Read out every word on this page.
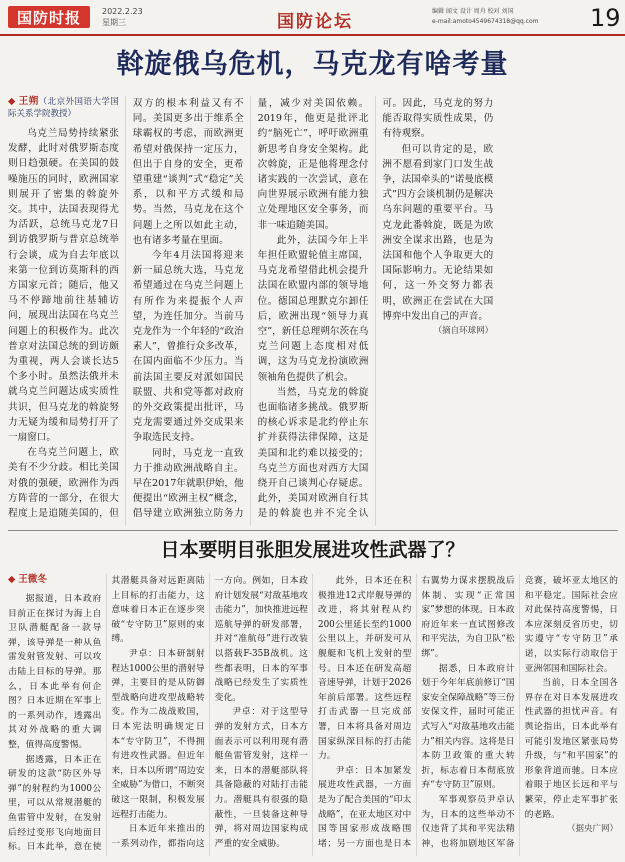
国防时报	2022.2.23
星期三	国防论坛
编辑 闻文 设计 周舟 校对 刘国
e-mail:amoto4549674318@qq.com 19
斡旋俄乌危机，马克龙有啥考量
◆ 王朔（北京外国语大学国际关系学院教授）

乌克兰局势持续紧张发酵，此时对俄罗斯态度则日趋强硬。在美国的鼓噪施压的同时，欧洲国家则展开了密集的斡旋外交。其中，法国表现得尤为活跃，总统马克龙7日到访俄罗斯与普京总统举行会谈，成为自去年底以来第一位到访莫斯科的西方国家元首；随后，他又马不停蹄地前往基辅访问，展现出法国在乌克兰问题上的积极作为。此次普京对法国总统的到访颇为重视，两人会谈长达5个多小时。虽然法俄并未就乌克兰问题达成实质性共识，但马克龙的斡旋努力无疑为缓和局势打开了一扇窗口。

在乌克兰问题上，欧美有不少分歧。相比美国对俄的强硬，欧洲作为西方阵营的一部分，在很大程度上是追随美国的，但双方的根本利益又有不同。美国更多出于维系全球霸权的考虑，而欧洲更希望对俄保持一定压力，但出于自身的安全，更希望重建“谈判”式“稳定”关系，以和平方式缓和局势。当然，马克龙在这个问题上之所以如此主动，也有诸多考量在里面。

今年4月法国将迎来新一届总统大选，马克龙希望通过在乌克兰问题上有所作为来提振个人声望，为连任加分。当前马克龙作为一个年轻的“政治素人”，曾推行众多改革，在国内面临不少压力。当前法国主要反对派如国民联盟、共和党等都对政府的外交政策提出批评，马克龙需要通过外交成果来争取选民支持。

同时，马克龙一直致力于推动欧洲战略自主。早在2017年就职伊始，他便提出“欧洲主权”概念，倡导建立欧洲独立防务力量，减少对美国依赖。2019年，他更是批评北约“脑死亡”，呼吁欧洲重新思考自身安全架构。此次斡旋，正是他将理念付诸实践的一次尝试，意在向世界展示欧洲有能力独立处理地区安全事务，而非一味追随美国。

此外，法国今年上半年担任欧盟轮值主席国，马克龙希望借此机会提升法国在欧盟内部的领导地位。德国总理默克尔卸任后，欧洲出现“领导力真空”，新任总理朔尔茨在乌克兰问题上态度相对低调，这为马克龙扮演欧洲领袖角色提供了机会。

当然，马克龙的斡旋也面临诸多挑战。俄罗斯的核心诉求是北约停止东扩并获得法律保障，这是美国和北约难以接受的；乌克兰方面也对西方大国绕开自己谈判心存疑虑。此外，美国对欧洲自行其是的斡旋也并不完全认可。因此，马克龙的努力能否取得实质性成果，仍有待观察。

但可以肯定的是，欧洲不愿看到家门口发生战争，法国牵头的“诺曼底模式”四方会谈机制仍是解决乌东问题的重要平台。马克龙此番斡旋，既是为欧洲安全谋求出路，也是为法国和他个人争取更大的国际影响力。无论结果如何，这一外交努力都表明，欧洲正在尝试在大国博弈中发出自己的声音。

（摘自环球网）
日本要明目张胆发展进攻性武器了？
◆ 王微冬

据报道，日本政府目前正在探讨为海上自卫队潜艇配备一款导弹，该导弹是一种从鱼雷发射管发射、可以攻击陆上目标的导弹。那么，日本此举有何企图？日本近期在军事上的一系列动作，透露出其对外战略的重大调整，值得高度警惕。

据透露，日本正在研发的这款“防区外导弹”的射程约为1000公里，可以从常规潜艇的鱼雷管中发射，在发射后经过变形飞向地面目标。日本此举，意在使其潜艇具备对远距离陆上目标的打击能力，这意味着日本正在逐步突破“专守防卫”原则的束缚。

尹卓：日本研制射程达1000公里的潜射导弹，主要目的是从防御型战略向进攻型战略转变。作为二战战败国，日本宪法明确规定日本“专守防卫”，不得拥有进攻性武器。但近年来，日本以所谓“周边安全威胁”为借口，不断突破这一限制，积极发展远程打击能力。

日本近年来推出的一系列动作，都指向这一方向。例如，日本政府计划发展“对敌基地攻击能力”，加快推进远程巡航导弹的研发部署，并对“准航母”进行改装以搭载F-35B战机。这些都表明，日本的军事战略已经发生了实质性变化。

尹卓：对于这型导弹的发射方式，日本方面表示可以利用现有潜艇鱼雷管发射，这样一来，日本的潜艇部队将具备隐蔽的对陆打击能力。潜艇具有很强的隐蔽性，一旦装备这种导弹，将对周边国家构成严重的安全威胁。

此外，日本还在积极推进12式岸舰导弹的改进，将其射程从约200公里延长至约1000公里以上，并研发可从舰艇和飞机上发射的型号。日本还在研发高超音速导弹，计划于2026年前后部署。这些远程打击武器一旦完成部署，日本将具备对周边国家纵深目标的打击能力。

尹卓：日本加紧发展进攻性武器，一方面是为了配合美国的“印太战略”，在亚太地区对中国等国家形成战略围堵；另一方面也是日本右翼势力谋求摆脱战后体制、实现“正常国家”梦想的体现。日本政府近年来一直试图修改和平宪法，为自卫队“松绑”。

据悉，日本政府计划于今年年底前修订“国家安全保障战略”等三份安保文件，届时可能正式写入“对敌基地攻击能力”相关内容。这将是日本防卫政策的重大转折，标志着日本彻底放弃“专守防卫”原则。

军事观察员尹卓认为，日本的这些举动不仅违背了其和平宪法精神，也将加剧地区军备竞赛，破坏亚太地区的和平稳定。国际社会应对此保持高度警惕，日本应深刻反省历史，切实遵守“专守防卫”承诺，以实际行动取信于亚洲邻国和国际社会。

当前，日本全国各界存在对日本发展进攻性武器的担忧声音。有舆论指出，日本此举有可能引发地区紧张局势升级，与“和平国家”的形象背道而驰。日本应着眼于地区长远和平与繁荣，停止走军事扩张的老路。

（据央广网）
